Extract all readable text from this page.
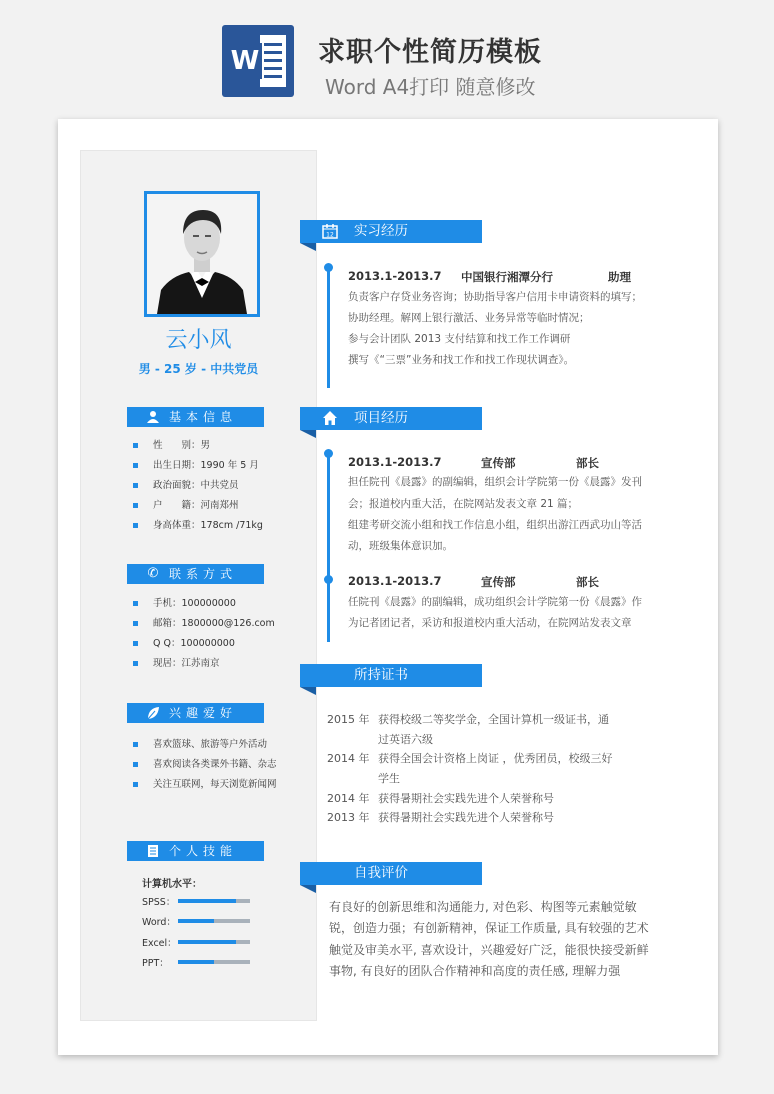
W 求职个性简历模板
Word A4打印 随意修改
云小风
男 - 25 岁 - 中共党员
基本信息
性　　别：男
出生日期：1990 年 5 月
政治面貌：中共党员
户　　籍：河南郑州
身高体重：178cm /71kg
✆ 联系方式
手机：100000000
邮箱：1800000@126.com
Q Q：100000000
现居：江苏南京
兴趣爱好
喜欢篮球、旅游等户外活动
喜欢阅读各类课外书籍、杂志
关注互联网，每天浏览新闻网
个人技能
计算机水平：
SPSS：
Word：
Excel：
PPT：
12 实习经历
2013.1-2013.7 中国银行湘潭分行	助理
负责客户存贷业务咨询；协助指导客户信用卡申请资料的填写；
协助经理。解网上银行激活、业务异常等临时情况；
参与会计团队 2013 支付结算和找工作工作调研
撰写《“三票”业务和找工作和找工作现状调查》。
项目经历
2013.1-2013.7	宣传部	部长
担任院刊《晨露》的副编辑，组织会计学院第一份《晨露》发刊
会；报道校内重大活，在院网站发表文章 21 篇；
组建考研交流小组和找工作信息小组，组织出游江西武功山等活
动，班级集体意识加。
2013.1-2013.7	宣传部	部长
任院刊《晨露》的副编辑，成功组织会计学院第一份《晨露》作
为记者团记者，采访和报道校内重大活动，在院网站发表文章
所持证书
2015 年 获得校级二等奖学金，全国计算机一级证书，通
过英语六级
2014 年 获得全国会计资格上岗证 ，优秀团员，校级三好
学生
2014 年 获得暑期社会实践先进个人荣誉称号
2013 年 获得暑期社会实践先进个人荣誉称号
自我评价
有良好的创新思维和沟通能力, 对色彩、构图等元素触觉敏
锐，创造力强；有创新精神，保证工作质量, 具有较强的艺术
触觉及审美水平, 喜欢设计，兴趣爱好广泛，能很快接受新鲜
事物, 有良好的团队合作精神和高度的责任感, 理解力强
